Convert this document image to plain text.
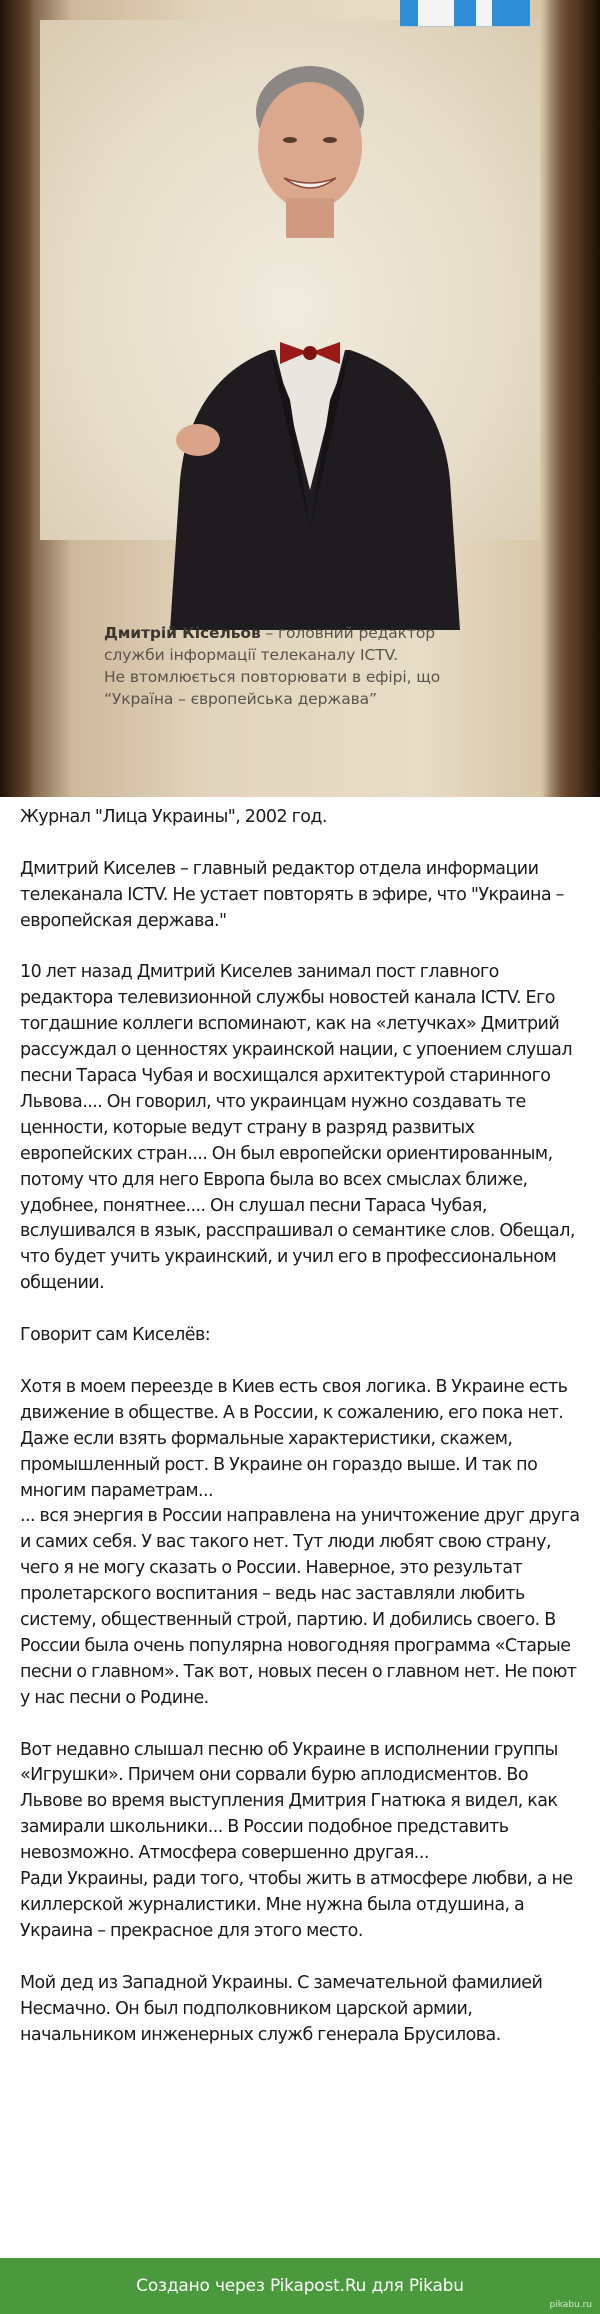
Дмитрій Кісельов – головний редактор
служби інформації телеканалу ICTV.
Не втомлюється повторювати в ефірі, що
“Україна – європейська держава”

Журнал "Лица Украины", 2002 год.

Дмитрий Киселев – главный редактор отдела информации телеканала ICTV. Не устает повторять в эфире, что "Украина – европейская держава."

10 лет назад Дмитрий Киселев занимал пост главного редактора телевизионной службы новостей канала ICTV. Его тогдашние коллеги вспоминают, как на «летучках» Дмитрий рассуждал о ценностях украинской нации, с упоением слушал песни Тараса Чубая и восхищался архитектурой старинного Львова.... Он говорил, что украинцам нужно создавать те ценности, которые ведут страну в разряд развитых европейских стран.... Он был европейски ориентированным, потому что для него Европа была во всех смыслах ближе, удобнее, понятнее.... Он слушал песни Тараса Чубая, вслушивался в язык, расспрашивал о семантике слов. Обещал, что будет учить украинский, и учил его в профессиональном общении.

Говорит сам Киселёв:

Хотя в моем переезде в Киев есть своя логика. В Украине есть движение в обществе. А в России, к сожалению, его пока нет. Даже если взять формальные характеристики, скажем, промышленный рост. В Украине он гораздо выше. И так по многим параметрам...

... вся энергия в России направлена на уничтожение друг друга и самих себя. У вас такого нет. Тут люди любят свою страну, чего я не могу сказать о России. Наверное, это результат пролетарского воспитания – ведь нас заставляли любить систему, общественный строй, партию. И добились своего. В России была очень популярна новогодняя программа «Старые песни о главном». Так вот, новых песен о главном нет. Не поют у нас песни о Родине.

Вот недавно слышал песню об Украине в исполнении группы «Игрушки». Причем они сорвали бурю аплодисментов. Во Львове во время выступления Дмитрия Гнатюка я видел, как замирали школьники... В России подобное представить невозможно. Атмосфера совершенно другая...

Ради Украины, ради того, чтобы жить в атмосфере любви, а не киллерской журналистики. Мне нужна была отдушина, а Украина – прекрасное для этого место.

Мой дед из Западной Украины. С замечательной фамилией Несмачно. Он был подполковником царской армии, начальником инженерных служб генерала Брусилова.

Создано через Pikapost.Ru для Pikabu
pikabu.ru
